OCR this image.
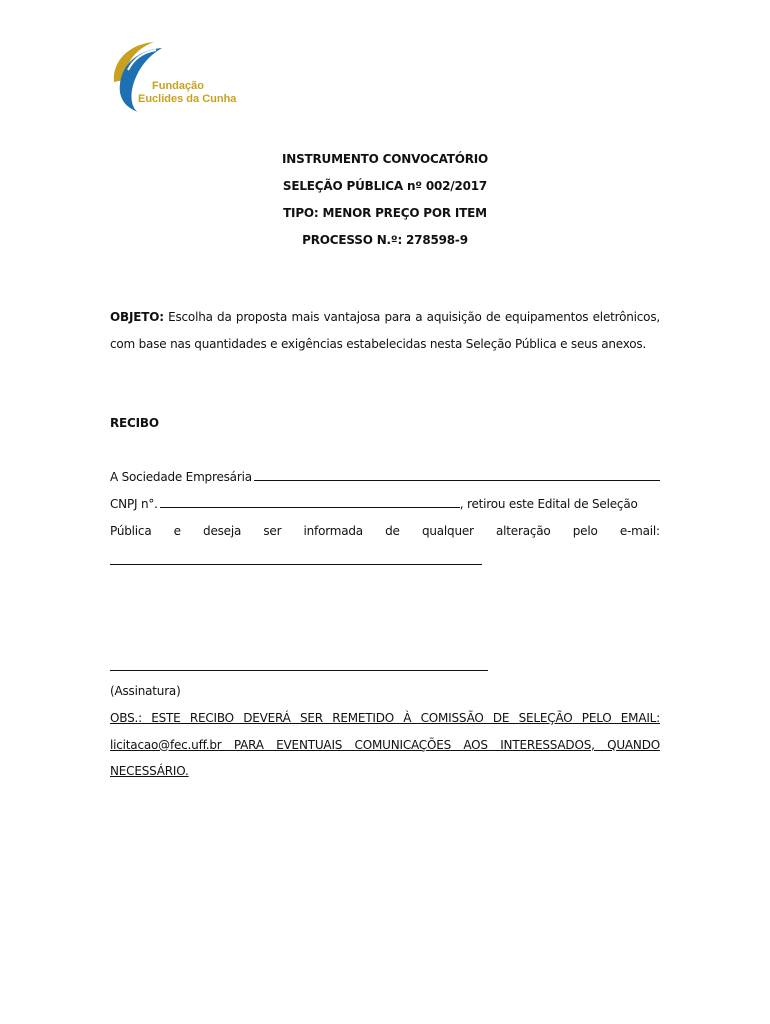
Fundação
Euclides da Cunha
INSTRUMENTO CONVOCATÓRIO
SELEÇÃO PÚBLICA nº 002/2017
TIPO: MENOR PREÇO POR ITEM
PROCESSO N.º: 278598-9
OBJETO: Escolha da proposta mais vantajosa para a aquisição de equipamentos eletrônicos, com base nas quantidades e exigências estabelecidas nesta Seleção Pública e seus anexos.
RECIBO
A Sociedade Empresária
CNPJ n°.	, retirou este Edital de Seleção
Pública e deseja ser informada de qualquer alteração pelo e-mail:
(Assinatura)
OBS.: ESTE RECIBO DEVERÁ SER REMETIDO À COMISSÃO DE SELEÇÃO PELO EMAIL: licitacao@fec.uff.br PARA EVENTUAIS COMUNICAÇÕES AOS INTERESSADOS, QUANDO NECESSÁRIO.
